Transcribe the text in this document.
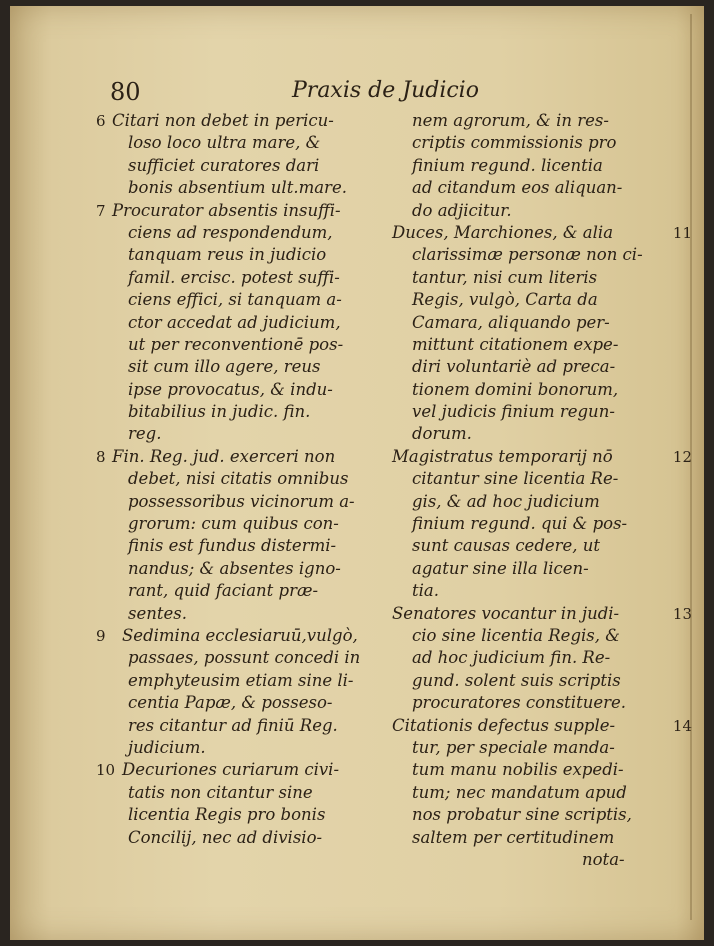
80	Praxis de Judicio
6 Citari non debet in pericu-
loso loco ultra mare, &
sufficiet curatores dari
bonis absentium ult.mare.
7 Procurator absentis insuffi-
ciens ad respondendum,
tanquam reus in judicio
famil. ercisc. potest suffi-
ciens effici, si tanquam a-
ctor accedat ad judicium,
ut per reconventionē pos-
sit cum illo agere, reus
ipse provocatus, & indu-
bitabilius in judic. fin.
reg.
8 Fin. Reg. jud. exerceri non
debet, nisi citatis omnibus
possessoribus vicinorum a-
grorum: cum quibus con-
finis est fundus distermi-
nandus; & absentes igno-
rant, quid faciant præ-
sentes.
9 Sedimina ecclesiaruū,vulgò,
passaes, possunt concedi in
emphyteusim etiam sine li-
centia Papæ, & posseso-
res citantur ad finiū Reg.
judicium.
10 Decuriones curiarum civi-
tatis non citantur sine
licentia Regis pro bonis
Concilij, nec ad divisio-
nem agrorum, & in res-
criptis commissionis pro
finium regund. licentia
ad citandum eos aliquan-
do adjicitur.
11
Duces, Marchiones, & alia
clarissimæ personæ non ci-
tantur, nisi cum literis
Regis, vulgò, Carta da
Camara, aliquando per-
mittunt citationem expe-
diri voluntariè ad preca-
tionem domini bonorum,
vel judicis finium regun-
dorum.
12
Magistratus temporarij nō
citantur sine licentia Re-
gis, & ad hoc judicium
finium regund. qui & pos-
sunt causas cedere, ut
agatur sine illa licen-
tia.
13
Senatores vocantur in judi-
cio sine licentia Regis, &
ad hoc judicium fin. Re-
gund. solent suis scriptis
procuratores constituere.
14
Citationis defectus supple-
tur, per speciale manda-
tum manu nobilis expedi-
tum; nec mandatum apud
nos probatur sine scriptis,
saltem per certitudinem
nota-
